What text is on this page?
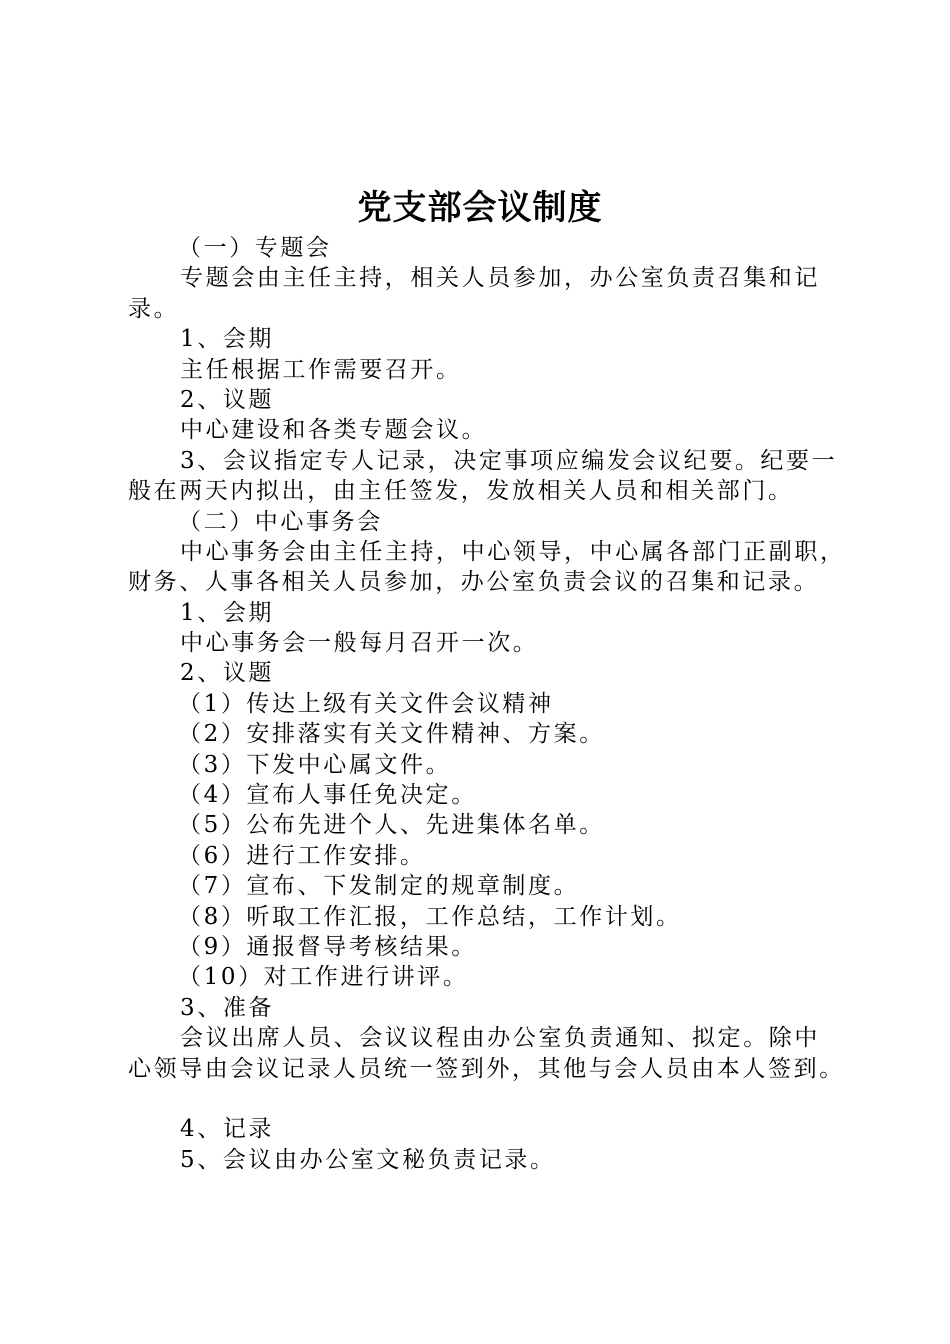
党支部会议制度
（一）专题会
专题会由主任主持，相关人员参加，办公室负责召集和记
录。
1、会期
主任根据工作需要召开。
2、议题
中心建设和各类专题会议。
3、会议指定专人记录，决定事项应编发会议纪要。纪要一
般在两天内拟出，由主任签发，发放相关人员和相关部门。
（二）中心事务会
中心事务会由主任主持，中心领导，中心属各部门正副职，
财务、人事各相关人员参加，办公室负责会议的召集和记录。
1、会期
中心事务会一般每月召开一次。
2、议题
（1）传达上级有关文件会议精神
（2）安排落实有关文件精神、方案。
（3）下发中心属文件。
（4）宣布人事任免决定。
（5）公布先进个人、先进集体名单。
（6）进行工作安排。
（7）宣布、下发制定的规章制度。
（8）听取工作汇报，工作总结，工作计划。
（9）通报督导考核结果。
（10）对工作进行讲评。
3、准备
会议出席人员、会议议程由办公室负责通知、拟定。除中
心领导由会议记录人员统一签到外，其他与会人员由本人签到。
4、记录
5、会议由办公室文秘负责记录。
